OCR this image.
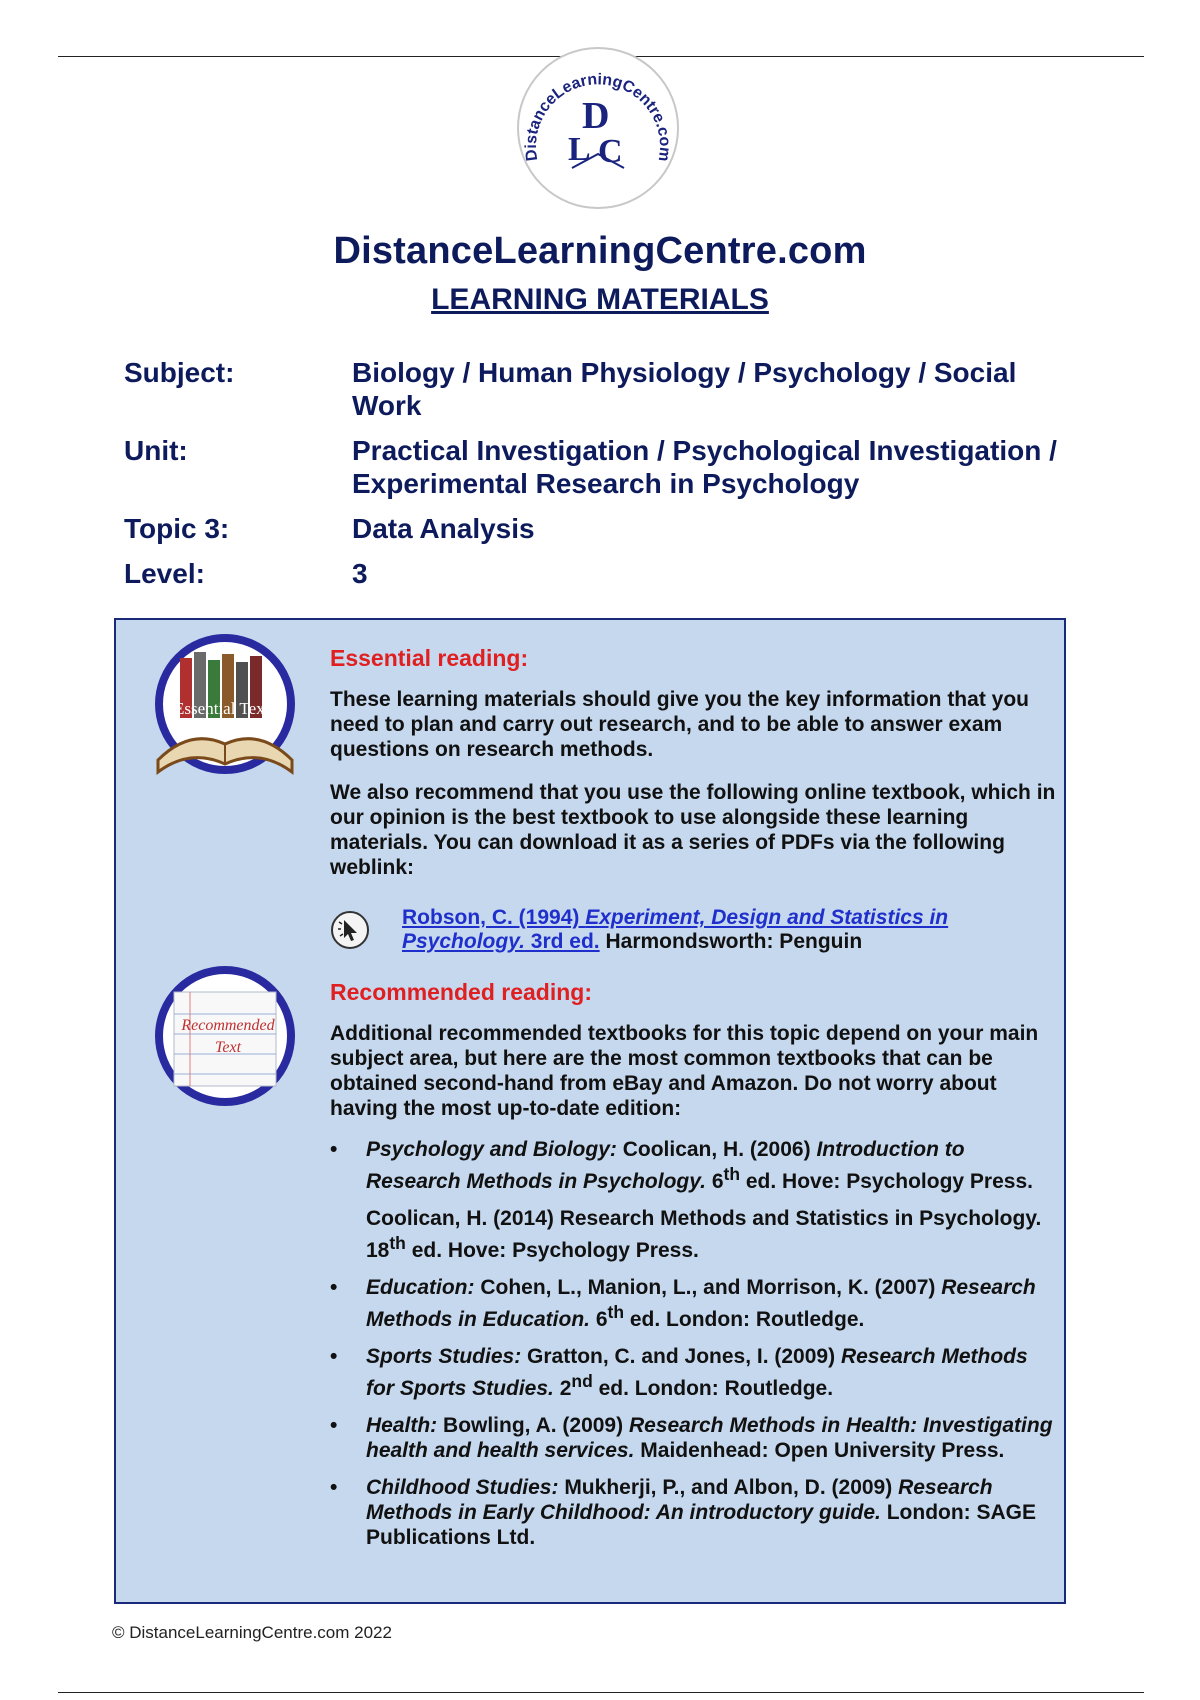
DistanceLearningCentre.com
D
L C
DistanceLearningCentre.com
LEARNING MATERIALS
Subject:	Biology / Human Physiology / Psychology / Social Work
Unit:	Practical Investigation / Psychological Investigation / Experimental Research in Psychology
Topic 3:	Data Analysis
Level:	3
Essential Texts
Essential reading:

These learning materials should give you the key information that you need to plan and carry out research, and to be able to answer exam questions on research methods.

We also recommend that you use the following online textbook, which in our opinion is the best textbook to use alongside these learning materials. You can download it as a series of PDFs via the following weblink:

Robson, C. (1994) Experiment, Design and Statistics in Psychology. 3rd ed. Harmondsworth: Penguin
Recommended
Text
Recommended reading:

Additional recommended textbooks for this topic depend on your main subject area, but here are the most common textbooks that can be obtained second-hand from eBay and Amazon. Do not worry about having the most up-to-date edition:

• Psychology and Biology: Coolican, H. (2006) Introduction to Research Methods in Psychology. 6th ed. Hove: Psychology Press.
Coolican, H. (2014) Research Methods and Statistics in Psychology. 18th ed. Hove: Psychology Press.
• Education: Cohen, L., Manion, L., and Morrison, K. (2007) Research Methods in Education. 6th ed. London: Routledge.
• Sports Studies: Gratton, C. and Jones, I. (2009) Research Methods for Sports Studies. 2nd ed. London: Routledge.
• Health: Bowling, A. (2009) Research Methods in Health: Investigating health and health services. Maidenhead: Open University Press.
• Childhood Studies: Mukherji, P., and Albon, D. (2009) Research Methods in Early Childhood: An introductory guide. London: SAGE Publications Ltd.
© DistanceLearningCentre.com 2022
